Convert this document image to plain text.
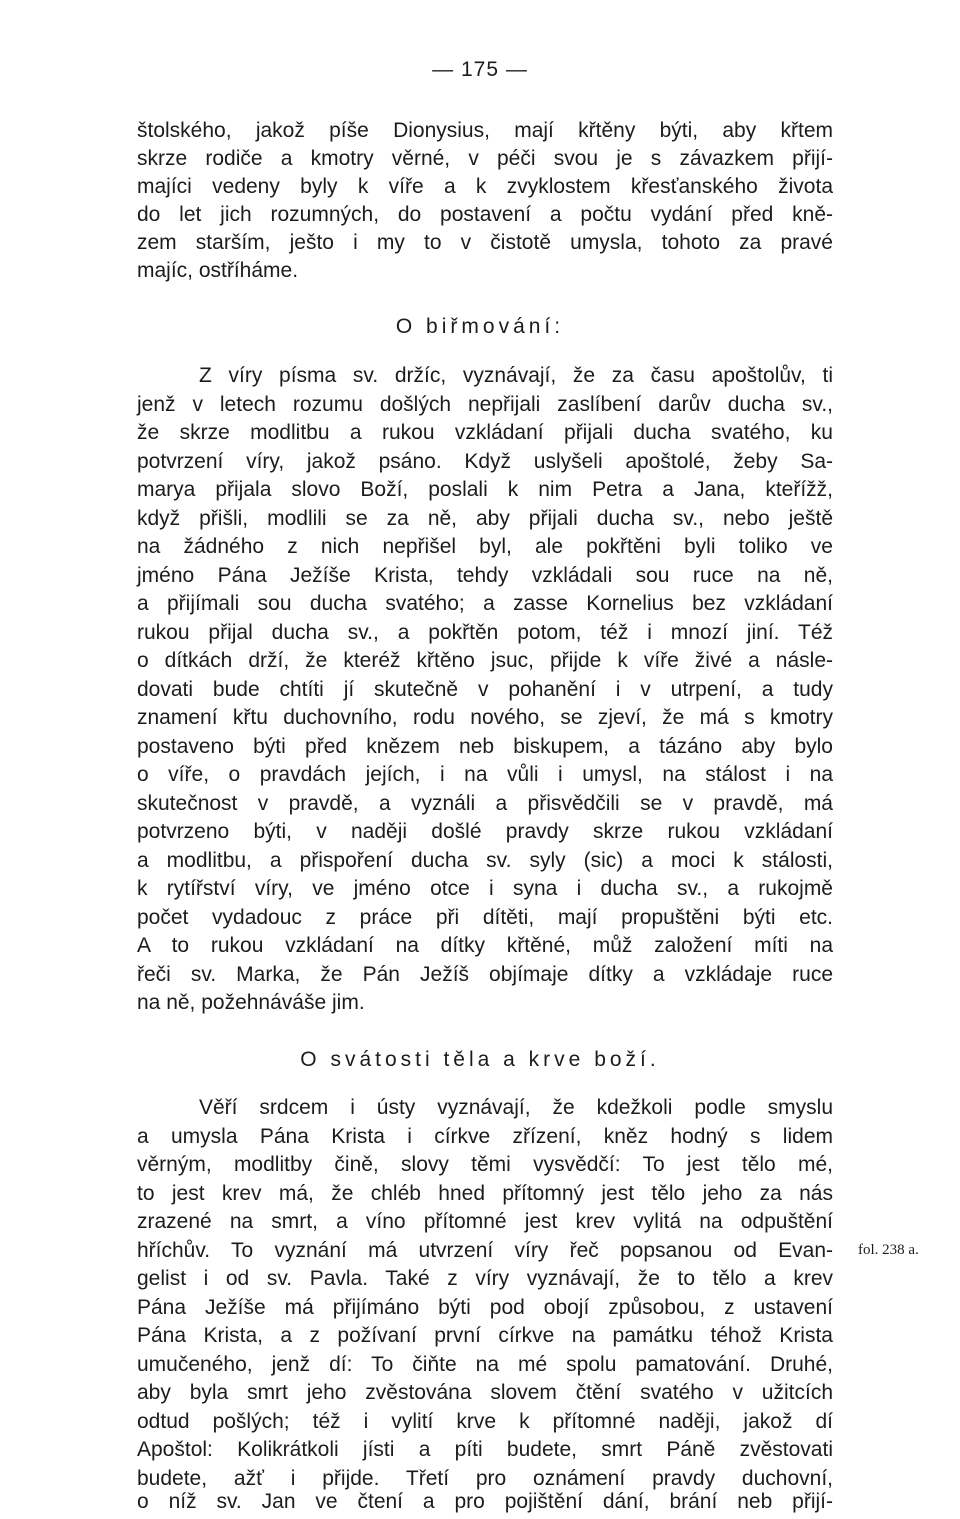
— 175 —
štolského, jakož píše Dionysius, mají křtěny býti, aby křtem
skrze rodiče a kmotry věrné, v péči svou je s závazkem přijí-
majíci vedeny byly k víře a k zvyklostem křesťanského života
do let jich rozumných, do postavení a počtu vydání před kně-
zem starším, ješto i my to v čistotě umysla, tohoto za pravé
majíc, ostříháme.
O biřmování:
Z víry písma sv. držíc, vyznávají, že za času apoštolův, ti
jenž v letech rozumu došlých nepřijali zaslíbení darův ducha sv.,
že skrze modlitbu a rukou vzkládaní přijali ducha svatého, ku
potvrzení víry, jakož psáno. Když uslyšeli apoštolé, žeby Sa-
marya přijala slovo Boží, poslali k nim Petra a Jana, kteřížž,
když přišli, modlili se za ně, aby přijali ducha sv., nebo ještě
na žádného z nich nepřišel byl, ale pokřtěni byli toliko ve
jméno Pána Ježíše Krista, tehdy vzkládali sou ruce na ně,
a přijímali sou ducha svatého; a zasse Kornelius bez vzkládaní
rukou přijal ducha sv., a pokřtěn potom, též i mnozí jiní. Též
o dítkách drží, že kteréž křtěno jsuc, přijde k víře živé a násle-
dovati bude chtíti jí skutečně v pohanění i v utrpení, a tudy
znamení křtu duchovního, rodu nového, se zjeví, že má s kmotry
postaveno býti před knězem neb biskupem, a tázáno aby bylo
o víře, o pravdách jejích, i na vůli i umysl, na stálost i na
skutečnost v pravdě, a vyználi a přisvědčili se v pravdě, má
potvrzeno býti, v naději došlé pravdy skrze rukou vzkládaní
a modlitbu, a přispoření ducha sv. syly (sic) a moci k stálosti,
k rytířství víry, ve jméno otce i syna i ducha sv., a rukojmě
počet vydadouc z práce při dítěti, mají propuštěni býti etc.
A to rukou vzkládaní na dítky křtěné, můž založení míti na
řeči sv. Marka, že Pán Ježíš objímaje dítky a vzkládaje ruce
na ně, požehnáváše jim.
O svátosti těla a krve boží.
Věří srdcem i ústy vyznávají, že kdežkoli podle smyslu
a umysla Pána Krista i církve zřízení, kněz hodný s lidem
věrným, modlitby čině, slovy těmi vysvědčí: To jest tělo mé,
to jest krev má, že chléb hned přítomný jest tělo jeho za nás
zrazené na smrt, a víno přítomné jest krev vylitá na odpuštění
hříchův. To vyznání má utvrzení víry řeč popsanou od Evan-
gelist i od sv. Pavla. Také z víry vyznávají, že to tělo a krev
Pána Ježíše má přijímáno býti pod obojí způsobou, z ustavení
Pána Krista, a z požívaní první církve na památku téhož Krista
umučeného, jenž dí: To čiňte na mé spolu pamatování. Druhé,
aby byla smrt jeho zvěstována slovem čtění svatého v užitcích
odtud pošlých; též i vylití krve k přítomné naději, jakož dí
Apoštol: Kolikrátkoli jísti a píti budete, smrt Páně zvěstovati
budete, ažť i přijde. Třetí pro oznámení pravdy duchovní,
o níž sv. Jan ve čtení a pro pojištění dání, brání neb přijí-
fol. 238 a.
